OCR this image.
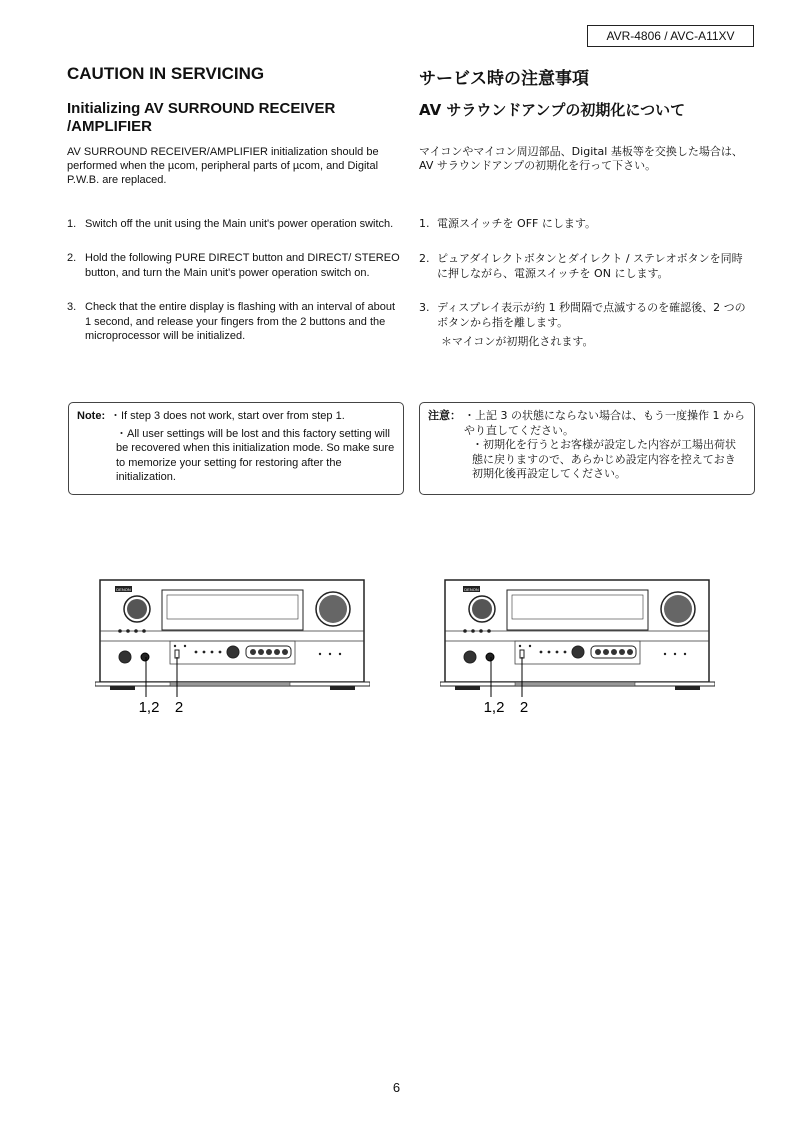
AVR-4806 / AVC-A11XV
CAUTION IN SERVICING
Initializing AV SURROUND RECEIVER
/AMPLIFIER

AV SURROUND RECEIVER/AMPLIFIER initialization should be performed when the µcom, peripheral parts of µcom, and Digital P.W.B. are replaced.

1. Switch off the unit using the Main unit's power operation switch.
2. Hold the following PURE DIRECT button and DIRECT/ STEREO button, and turn the Main unit's power operation switch on.
3. Check that the entire display is flashing with an interval of about 1 second, and release your fingers from the 2 buttons and the microprocessor will be initialized.
Note: ・If step 3 does not work, start over from step 1.
・All user settings will be lost and this factory setting will be recovered when this initialization mode. So make sure to memorize your setting for restoring after the initialization.
サービス時の注意事項
AV サラウンドアンプの初期化について

マイコンやマイコン周辺部品、Digital 基板等を交換した場合は、AV サラウンドアンプの初期化を行って下さい。

1. 電源スイッチを OFF にします。
2. ピュアダイレクトボタンとダイレクト / ステレオボタンを同時に押しながら、電源スイッチを ON にします。
3. ディスプレイ表示が約 1 秒間隔で点滅するのを確認後、2 つのボタンから指を離します。
＊マイコンが初期化されます。
注意： ・上記 3 の状態にならない場合は、もう一度操作 1 からやり直してください。
・初期化を行うとお客様が設定した内容が工場出荷状態に戻りますので、あらかじめ設定内容を控えておき初期化後再設定してください。
DENON
1,2 2
DENON
1,2 2
6
